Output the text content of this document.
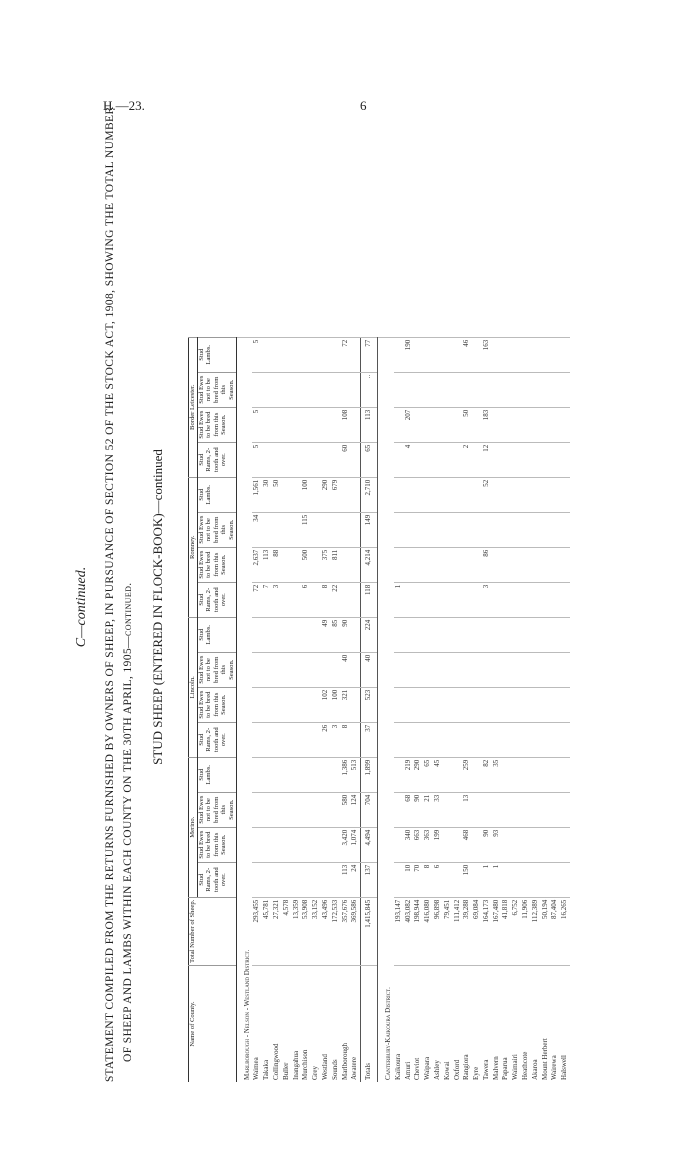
H.—23.	6
C—continued.
STATEMENT COMPILED FROM THE RETURNS FURNISHED BY OWNERS OF SHEEP, IN PURSUANCE OF SECTION 52 OF THE STOCK ACT, 1908, SHOWING THE TOTAL NUMBER OF SHEEP AND LAMBS WITHIN EACH COUNTY ON THE 30TH APRIL, 1905—continued. STUD SHEEP (ENTERED IN FLOCK-BOOK)—continued
Name of County.	Total Number of Sheep.	Merino.				Lincoln.				Romney.				Border Leicester.			
		Stud Rams, 2-tooth and over.	Stud Ewes to be bred from this Season.	Stud Ewes not to be bred from this Season.	Stud Lambs.	Stud Rams, 2-tooth and over.	Stud Ewes to be bred from this Season.	Stud Ewes not to be bred from this Season.	Stud Lambs.	Stud Rams, 2-tooth and over.	Stud Ewes to be bred from this Season.	Stud Ewes not to be bred from this Season.	Stud Lambs.	Stud Rams, 2-tooth and over.	Stud Ewes to be bred from this Season.	Stud Ewes not to be bred from this Season.	Stud Lambs.
Marlborough - Nelson - Westland District.																	
Waimea	293,455									72	2,637	34	1,561	5	5		5
Takaka	45,781									7	113		30				
Collingwood	27,321									3	88		50				
Buller	4,578																
Inangahua	13,359																
Murchison	53,908									6	500	115	100				
Grey	33,152																
Westland	43,496					26	102		49	8	375		290				
Sounds	172,533					3	100		85	22	811		679				
Marlborough	357,676	113	3,420	580	1,386	8	321	40	90					60	108		72
Awatere	369,586	24	1,074	124	513												
Totals	1,415,845	137	4,494	704	1,899	37	523	40	224	118	4,214	149	2,710	65	113	..	77
Canterbury-Kaikoura District.																	
Kaikoura	193,147									1							
Amuri	403,082	10	340	68	219									4	207		190
Cheviot	198,944	70	663	90	290												
Waipara	416,080	8	363	21	65												
Ashley	96,898	6	199	33	45												
Kowai	79,451																
Oxford	111,412																
Rangiora	39,288	150	468	13	259									2	50		46
Eyre	69,084																
Tawera	164,173	1	90		82					3	86		52	12	183		163
Malvern	167,480	1	93		35												
Paparua	41,818																
Waimairi	6,752																
Heathcote	11,906																
Akaroa	112,389																
Mount Herbert	50,194																
Wairewa	87,404																
Halswell	16,265																
